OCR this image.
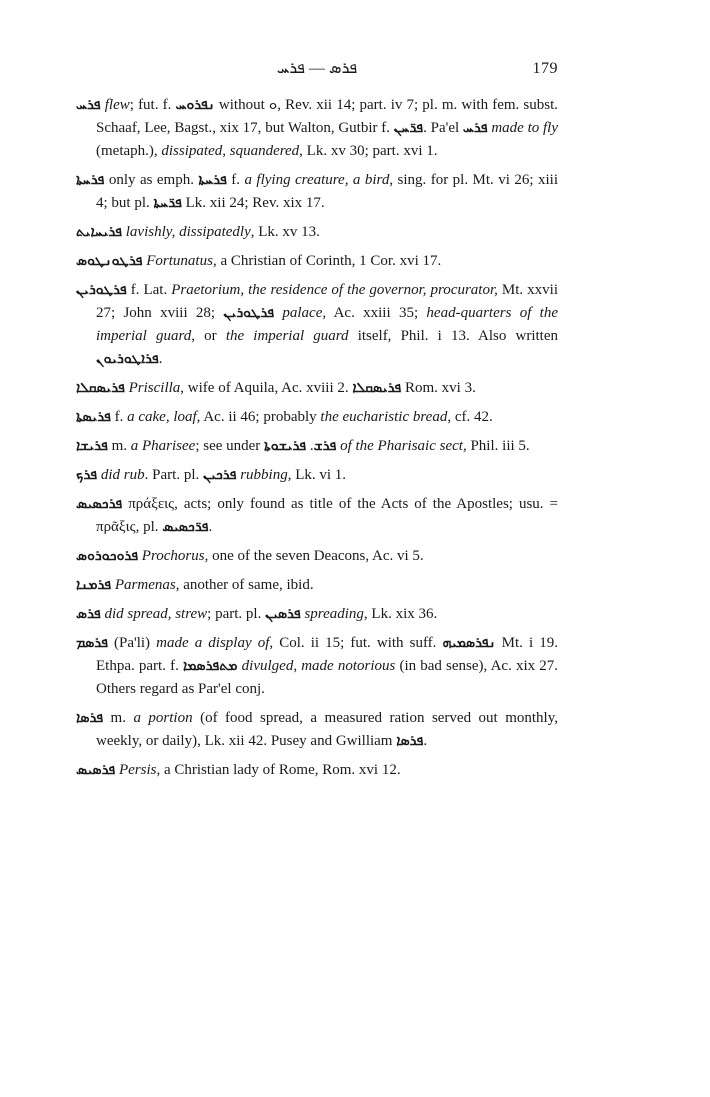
ܦܪܣ — ܦܪܚ	179

ܦܪܚ flew; fut. f. ܢܦܪܘܚ without ܘ, Rev. xii 14; part. iv 7; pl. m. with fem. subst. Schaaf, Lee, Bagst., xix 17, but Walton, Gutbir f. ܦܪ̈ܚܢ. Pa'el ܦܪܚ made to fly (metaph.), dissipated, squandered, Lk. xv 30; part. xvi 1.

ܦܪܚܬܐ only as emph. ܦܪܚܬܐ f. a flying creature, a bird, sing. for pl. Mt. vi 26; xiii 4; but pl. ܦܪ̈ܚܬܐ Lk. xii 24; Rev. xix 17.

ܦܪܝܚܐܝܬ lavishly, dissipatedly, Lk. xv 13.

ܦܪܛܘܢܛܘܣ Fortunatus, a Christian of Corinth, 1 Cor. xvi 17.

ܦܪܛܘܪܝܢ f. Lat. Praetorium, the residence of the governor, procurator, Mt. xxvii 27; John xviii 28; ܦܪܛܘܪܝܢ palace, Ac. xxiii 35; head-quarters of the imperial guard, or the imperial guard itself, Phil. i 13. Also written ܦܪܐܛܘܪܝܘܢ.

ܦܪܝܣܩܠܐ Priscilla, wife of Aquila, Ac. xviii 2. ܦܪܝܣܩܠܐ Rom. xvi 3.

ܦܪܝܣܬܐ f. a cake, loaf, Ac. ii 46; probably the eucharistic bread, cf. 42.

ܦܪܝܫܐ m. a Pharisee; see under	ܦܪܫ. ܦܪܝܫܘܬܐ of the Pharisaic sect, Phil. iii 5.

ܦܪܟ did rub. Part. pl. ܦܪܟܝܢ rubbing, Lk. vi 1.

ܦܪܟܣܝܣ πράξεις, acts; only found as title of the Acts of the Apostles; usu. = πρᾶξις, pl. ܦܪ̈ܟܣܝܣ.

ܦܪܘܟܘܪܘܣ Prochorus, one of the seven Deacons, Ac. vi 5.

ܦܪܡܢܐ Parmenas, another of same, ibid.

ܦܪܣ did spread, strew; part. pl. ܦܪܣܝܢ spreading, Lk. xix 36.

ܦܪܣܡ (Pa'li) made a display of, Col. ii 15; fut. with suff. ܢܦܪܣܡܝܗ Mt. i 19. Ethpa. part. f. ܡܬܦܪܣܡܐ divulged, made notorious (in bad sense), Ac. xix 27. Others regard as Par'el conj.

ܦܪܣܐ m. a portion (of food spread, a measured ration served out monthly, weekly, or daily), Lk. xii 42. Pusey and Gwilliam ܦܪܣܐ.

ܦܪܣܝܣ Persis, a Christian lady of Rome, Rom. xvi 12.
